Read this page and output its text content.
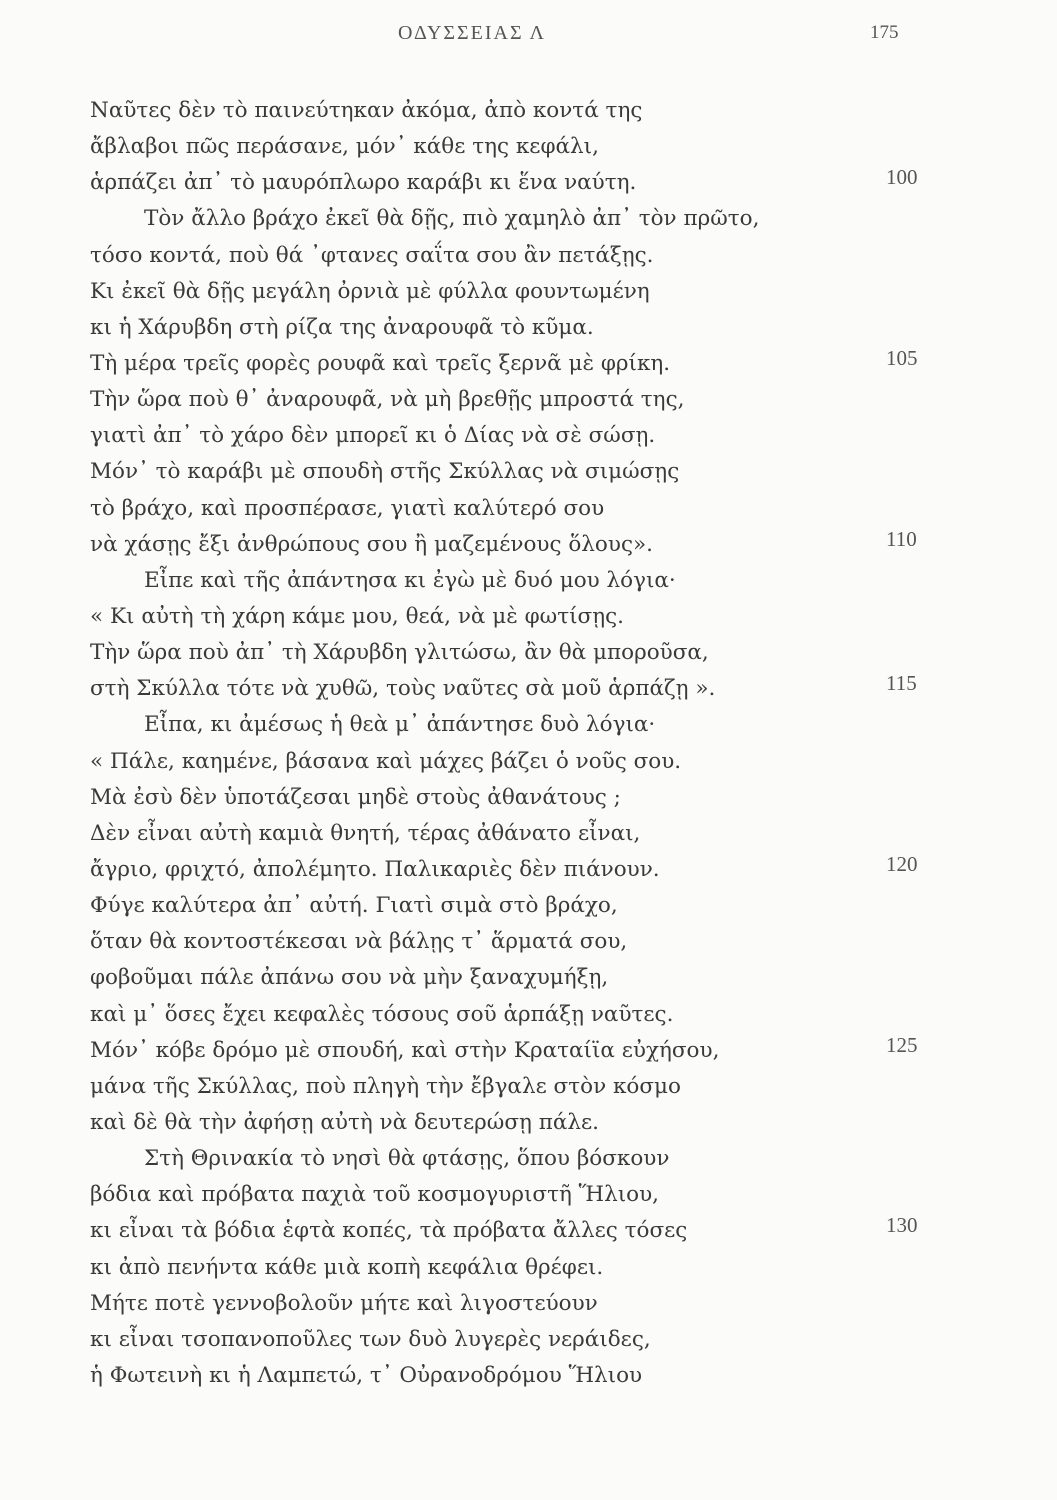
ΟΔΥΣΣΕΙΑΣ Λ	175
Ναῦτες δὲν τὸ παινεύτηκαν ἀκόμα, ἀπὸ κοντά της
ἄβλαβοι πῶς περάσανε, μόν᾽ κάθε της κεφάλι,
ἁρπάζει ἀπ᾽ τὸ μαυρόπλωρο καράβι κι ἕνα ναύτη.	100
Τὸν ἄλλο βράχο ἐκεῖ θὰ δῇς, πιὸ χαμηλὸ ἀπ᾽ τὸν πρῶτο,
τόσο κοντά, ποὺ θά ᾽φτανες σαΐτα σου ἂν πετάξῃς.
Κι ἐκεῖ θὰ δῇς μεγάλη ὀρνιὰ μὲ φύλλα φουντωμένη
κι ἡ Χάρυβδη στὴ ρίζα της ἀναρουφᾶ τὸ κῦμα.
Τὴ μέρα τρεῖς φορὲς ρουφᾶ καὶ τρεῖς ξερνᾶ μὲ φρίκη.	105
Τὴν ὥρα ποὺ θ᾽ ἀναρουφᾶ, νὰ μὴ βρεθῇς μπροστά της,
γιατὶ ἀπ᾽ τὸ χάρο δὲν μπορεῖ κι ὁ Δίας νὰ σὲ σώσῃ.
Μόν᾽ τὸ καράβι μὲ σπουδὴ στῆς Σκύλλας νὰ σιμώσῃς
τὸ βράχο, καὶ προσπέρασε, γιατὶ καλύτερό σου
νὰ χάσῃς ἔξι ἀνθρώπους σου ἢ μαζεμένους ὅλους».	110
Εἶπε καὶ τῆς ἀπάντησα κι ἐγὼ μὲ δυό μου λόγια·
« Κι αὐτὴ τὴ χάρη κάμε μου, θεά, νὰ μὲ φωτίσῃς.
Τὴν ὥρα ποὺ ἀπ᾽ τὴ Χάρυβδη γλιτώσω, ἂν θὰ μποροῦσα,
στὴ Σκύλλα τότε νὰ χυθῶ, τοὺς ναῦτες σὰ μοῦ ἁρπάζῃ ».	115
Εἶπα, κι ἀμέσως ἡ θεὰ μ᾽ ἀπάντησε δυὸ λόγια·
« Πάλε, καημένε, βάσανα καὶ μάχες βάζει ὁ νοῦς σου.
Μὰ ἐσὺ δὲν ὑποτάζεσαι μηδὲ στοὺς ἀθανάτους ;
Δὲν εἶναι αὐτὴ καμιὰ θνητή, τέρας ἀθάνατο εἶναι,
ἄγριο, φριχτό, ἀπολέμητο. Παλικαριὲς δὲν πιάνουν.	120
Φύγε καλύτερα ἀπ᾽ αὐτή. Γιατὶ σιμὰ στὸ βράχο,
ὅταν θὰ κοντοστέκεσαι νὰ βάλῃς τ᾽ ἅρματά σου,
φοβοῦμαι πάλε ἀπάνω σου νὰ μὴν ξαναχυμήξῃ,
καὶ μ᾽ ὅσες ἔχει κεφαλὲς τόσους σοῦ ἁρπάξῃ ναῦτες.
Μόν᾽ κόβε δρόμο μὲ σπουδή, καὶ στὴν Κραταίϊα εὐχήσου,	125
μάνα τῆς Σκύλλας, ποὺ πληγὴ τὴν ἔβγαλε στὸν κόσμο
καὶ δὲ θὰ τὴν ἀφήσῃ αὐτὴ νὰ δευτερώσῃ πάλε.
Στὴ Θρινακία τὸ νησὶ θὰ φτάσῃς, ὅπου βόσκουν
βόδια καὶ πρόβατα παχιὰ τοῦ κοσμογυριστῆ Ἥλιου,
κι εἶναι τὰ βόδια ἑφτὰ κοπές, τὰ πρόβατα ἄλλες τόσες	130
κι ἀπὸ πενήντα κάθε μιὰ κοπὴ κεφάλια θρέφει.
Μήτε ποτὲ γεννοβολοῦν μήτε καὶ λιγοστεύουν
κι εἶναι τσοπανοποῦλες των δυὸ λυγερὲς νεράιδες,
ἡ Φωτεινὴ κι ἡ Λαμπετώ, τ᾽ Οὐρανοδρόμου Ἥλιου
